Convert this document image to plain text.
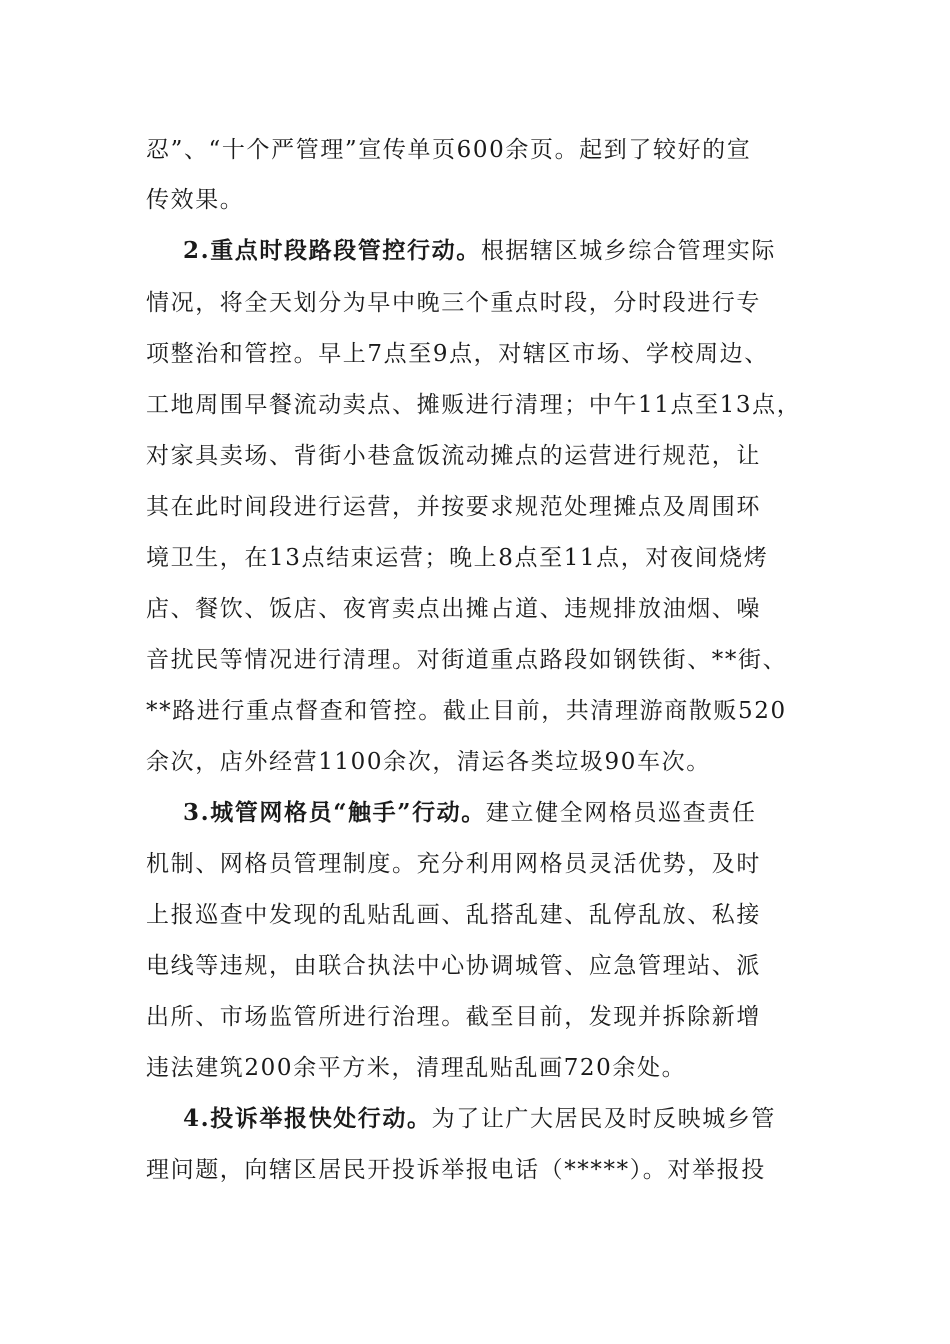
忍”、“十个严管理”宣传单页600余页。起到了较好的宣
传效果。
2.重点时段路段管控行动。根据辖区城乡综合管理实际
情况，将全天划分为早中晚三个重点时段，分时段进行专
项整治和管控。早上7点至9点，对辖区市场、学校周边、
工地周围早餐流动卖点、摊贩进行清理；中午11点至13点，
对家具卖场、背街小巷盒饭流动摊点的运营进行规范，让
其在此时间段进行运营，并按要求规范处理摊点及周围环
境卫生，在13点结束运营；晚上8点至11点，对夜间烧烤
店、餐饮、饭店、夜宵卖点出摊占道、违规排放油烟、噪
音扰民等情况进行清理。对街道重点路段如钢铁街、**街、
**路进行重点督查和管控。截止目前，共清理游商散贩520
余次，店外经营1100余次，清运各类垃圾90车次。
3.城管网格员“触手”行动。建立健全网格员巡查责任
机制、网格员管理制度。充分利用网格员灵活优势，及时
上报巡查中发现的乱贴乱画、乱搭乱建、乱停乱放、私接
电线等违规，由联合执法中心协调城管、应急管理站、派
出所、市场监管所进行治理。截至目前，发现并拆除新增
违法建筑200余平方米，清理乱贴乱画720余处。
4.投诉举报快处行动。为了让广大居民及时反映城乡管
理问题，向辖区居民开投诉举报电话（*****）。对举报投
